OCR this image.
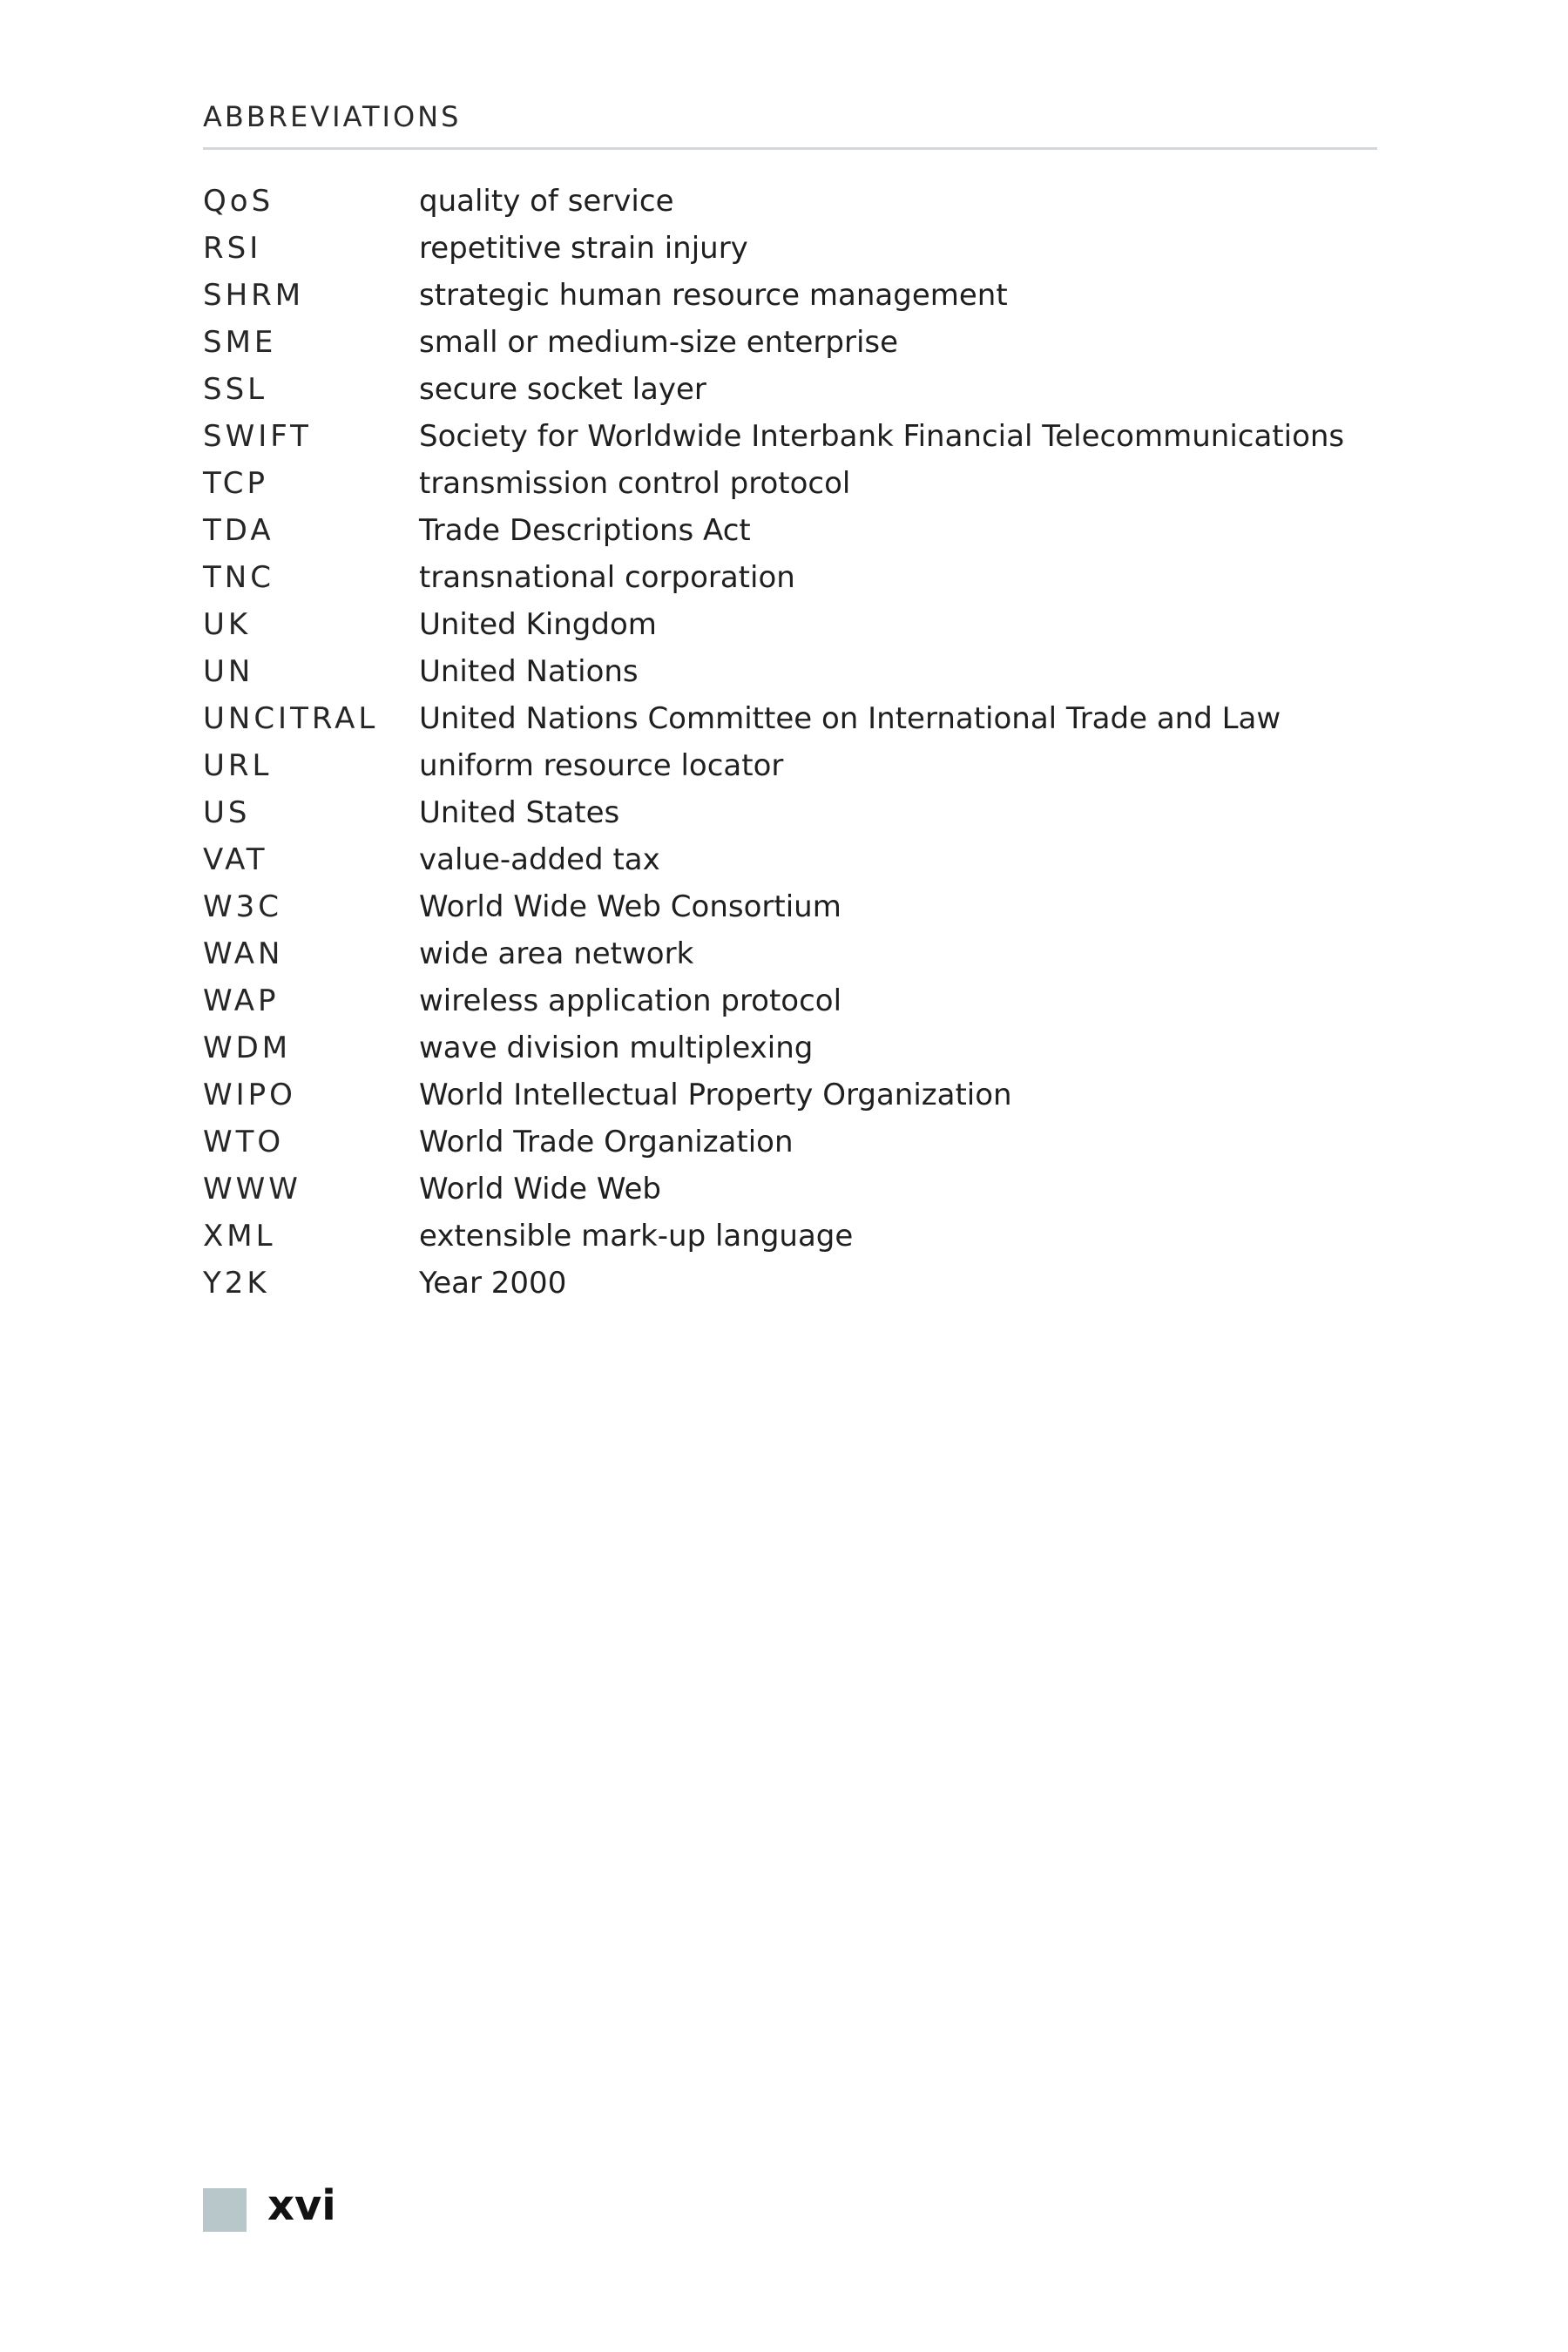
ABBREVIATIONS
QoS	quality of service
RSI	repetitive strain injury
SHRM	strategic human resource management
SME	small or medium-size enterprise
SSL	secure socket layer
SWIFT	Society for Worldwide Interbank Financial Telecommunications
TCP	transmission control protocol
TDA	Trade Descriptions Act
TNC	transnational corporation
UK	United Kingdom
UN	United Nations
UNCITRAL United Nations Committee on International Trade and Law
URL	uniform resource locator
US	United States
VAT	value-added tax
W3C	World Wide Web Consortium
WAN	wide area network
WAP	wireless application protocol
WDM	wave division multiplexing
WIPO	World Intellectual Property Organization
WTO	World Trade Organization
WWW	World Wide Web
XML	extensible mark-up language
Y2K	Year 2000
xvi
